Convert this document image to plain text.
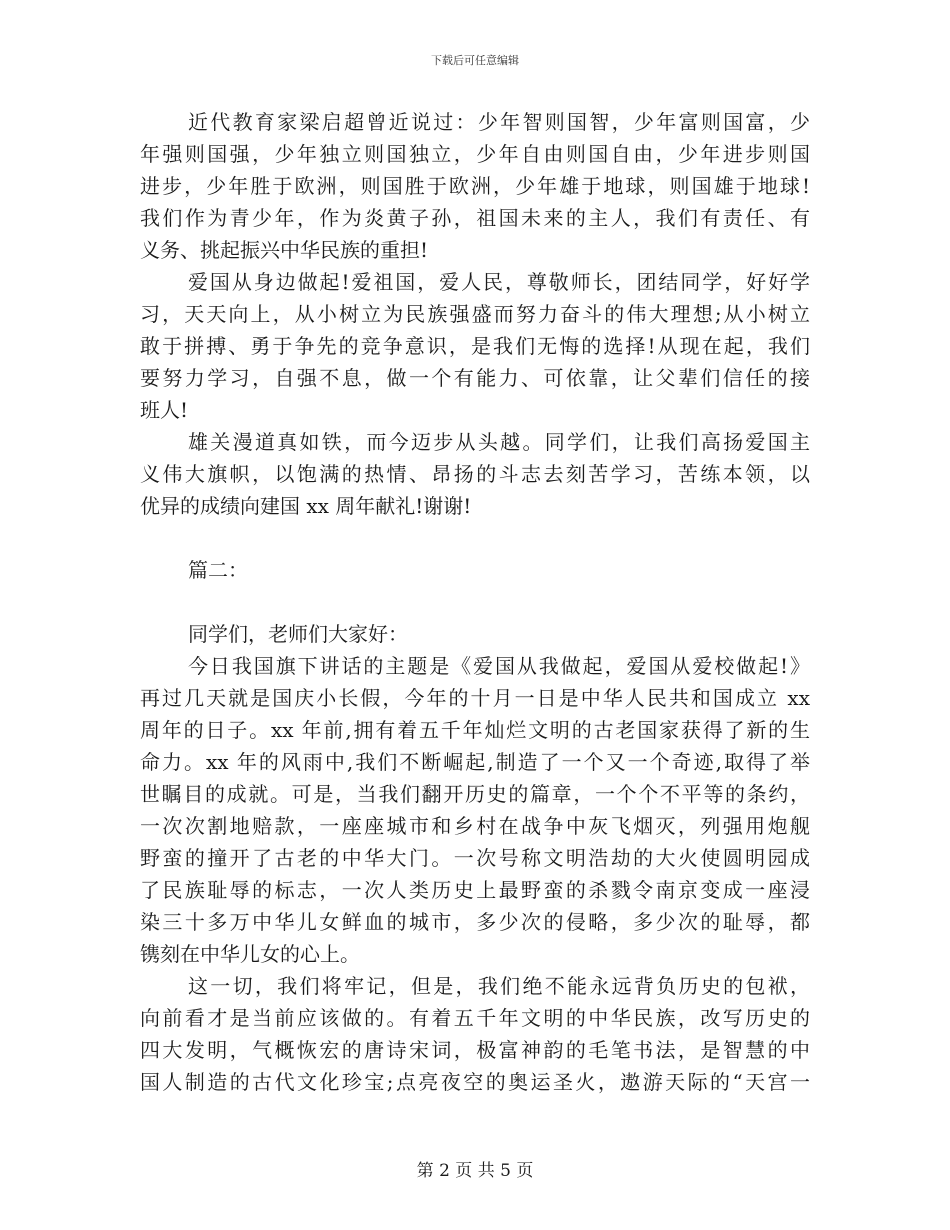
下载后可任意编辑
近代教育家梁启超曾近说过：少年智则国智，少年富则国富，少
年强则国强，少年独立则国独立，少年自由则国自由，少年进步则国
进步，少年胜于欧洲，则国胜于欧洲，少年雄于地球，则国雄于地球!
我们作为青少年，作为炎黄子孙，祖国未来的主人，我们有责任、有
义务、挑起振兴中华民族的重担!
爱国从身边做起!爱祖国，爱人民，尊敬师长，团结同学，好好学
习，天天向上，从小树立为民族强盛而努力奋斗的伟大理想;从小树立
敢于拼搏、勇于争先的竞争意识，是我们无悔的选择!从现在起，我们
要努力学习，自强不息，做一个有能力、可依靠，让父辈们信任的接
班人!
雄关漫道真如铁，而今迈步从头越。同学们，让我们高扬爱国主
义伟大旗帜，以饱满的热情、昂扬的斗志去刻苦学习，苦练本领，以
优异的成绩向建国 xx 周年献礼!谢谢!
篇二：
同学们，老师们大家好：
今日我国旗下讲话的主题是《爱国从我做起，爱国从爱校做起!》
再过几天就是国庆小长假，今年的十月一日是中华人民共和国成立 xx
周年的日子。xx 年前,拥有着五千年灿烂文明的古老国家获得了新的生
命力。xx 年的风雨中,我们不断崛起,制造了一个又一个奇迹,取得了举
世瞩目的成就。可是，当我们翻开历史的篇章，一个个不平等的条约，
一次次割地赔款，一座座城市和乡村在战争中灰飞烟灭，列强用炮舰
野蛮的撞开了古老的中华大门。一次号称文明浩劫的大火使圆明园成
了民族耻辱的标志，一次人类历史上最野蛮的杀戮令南京变成一座浸
染三十多万中华儿女鲜血的城市，多少次的侵略，多少次的耻辱，都
镌刻在中华儿女的心上。
这一切，我们将牢记，但是，我们绝不能永远背负历史的包袱，
向前看才是当前应该做的。有着五千年文明的中华民族，改写历史的
四大发明，气概恢宏的唐诗宋词，极富神韵的毛笔书法，是智慧的中
国人制造的古代文化珍宝;点亮夜空的奥运圣火，遨游天际的“天宫一
第 2 页 共 5 页
